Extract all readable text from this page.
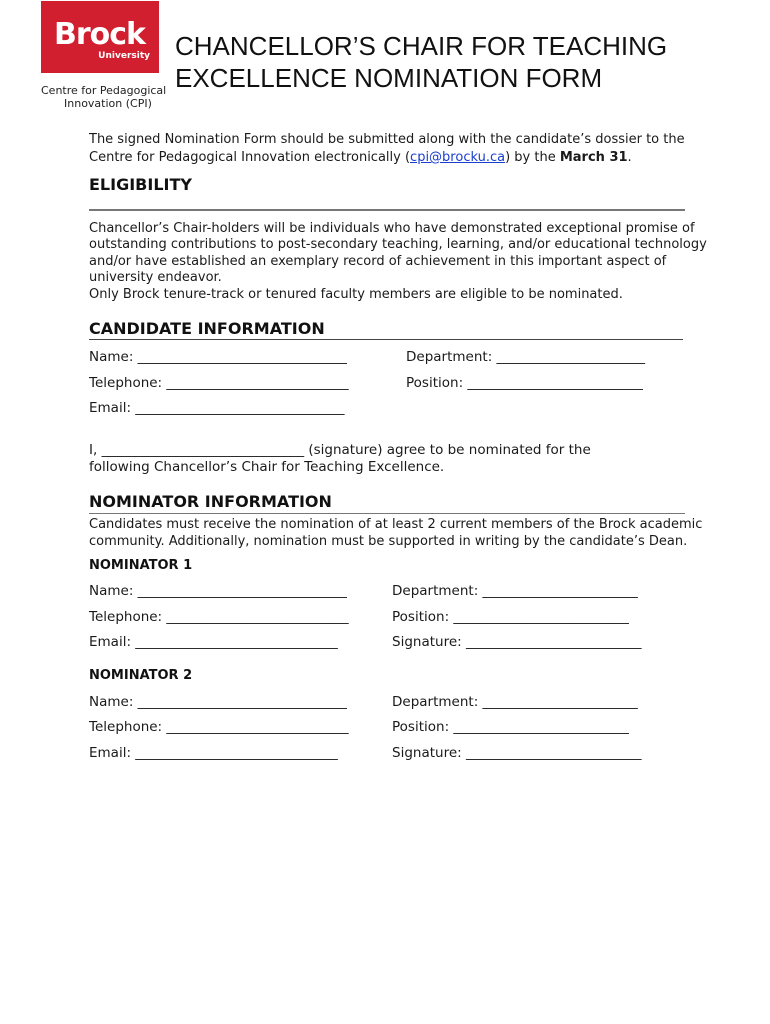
Brock
University
Centre for Pedagogical
Innovation (CPI)
CHANCELLOR’S CHAIR FOR TEACHING
EXCELLENCE NOMINATION FORM
The signed Nomination Form should be submitted along with the candidate’s dossier to the
Centre for Pedagogical Innovation electronically (cpi@brocku.ca) by the March 31.
ELIGIBILITY
Chancellor’s Chair-holders will be individuals who have demonstrated exceptional promise of
outstanding contributions to post-secondary teaching, learning, and/or educational technology
and/or have established an exemplary record of achievement in this important aspect of
university endeavor.
Only Brock tenure-track or tenured faculty members are eligible to be nominated.
CANDIDATE INFORMATION
Name: _______________________________	Department: ______________________
Telephone: ___________________________	Position: __________________________
Email: _______________________________
I, ______________________________ (signature) agree to be nominated for the
following Chancellor’s Chair for Teaching Excellence.
NOMINATOR INFORMATION
Candidates must receive the nomination of at least 2 current members of the Brock academic
community. Additionally, nomination must be supported in writing by the candidate’s Dean.
NOMINATOR 1
Name: _______________________________	Department: _______________________
Telephone: ___________________________	Position: __________________________
Email: ______________________________	Signature: __________________________
NOMINATOR 2
Name: _______________________________	Department: _______________________
Telephone: ___________________________	Position: __________________________
Email: ______________________________	Signature: __________________________
